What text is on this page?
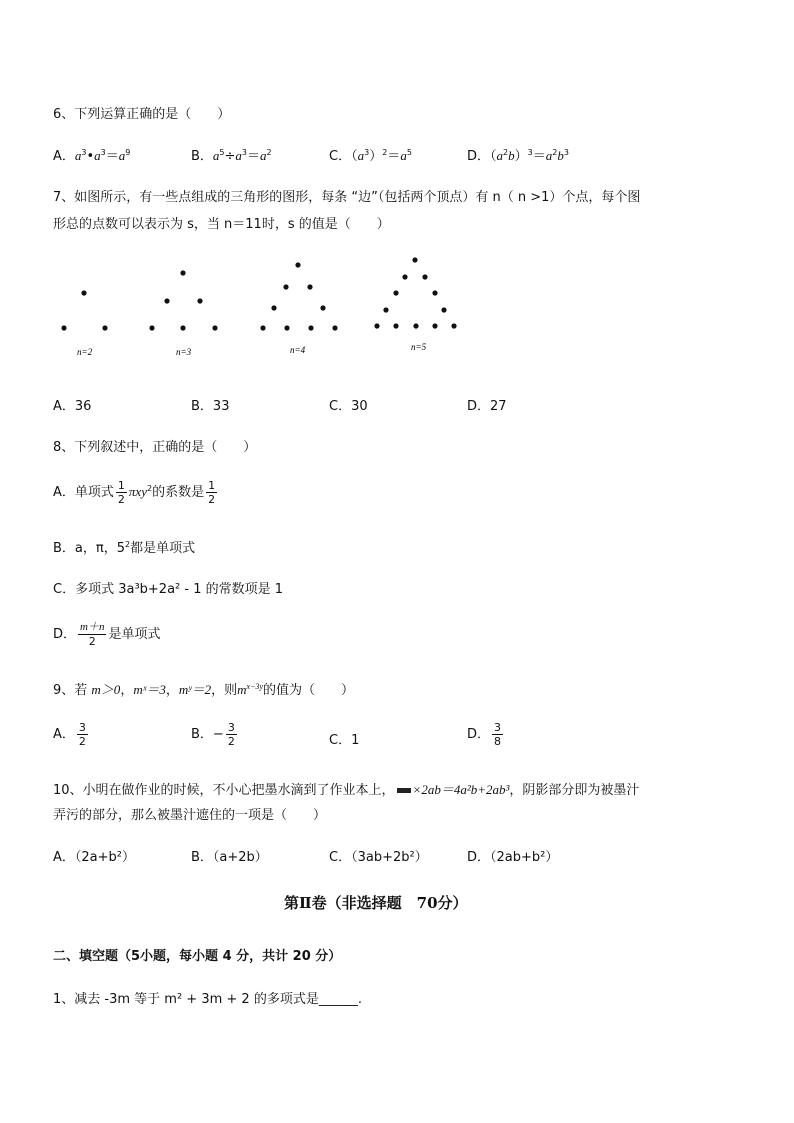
6、下列运算正确的是（　　）
A．$a^3•a^3=a^9$	B．$a^5\div a^3=a^2$	C．$(a^3)^2=a^5$	D．$(a^2b)^3=a^2b^3$
7、如图所示，有一些点组成的三角形的图形，每条 “边”（包括两个顶点）有 n（ n >1）个点，每个图
形总的点数可以表示为 s，当 n＝11时，s 的值是（　　）
n=2	n=3	n=4	n=5
A．36	B．33	C．30	D．27
8、下列叙述中，正确的是（　　）
A．单项式 $\frac{1}{2} \pi xy^2$的系数是 $\frac{1}{2}$
B．a，π，$5^2$都是单项式
C．多项式 3a³b+2a² - 1 的常数项是 1
D． $\frac{m+n}{2}$ 是单项式
9、若 m＞0，mˣ＝3，mʸ＝2，则$m^{x-3y}$的值为（　　）
A． $\frac{3}{2}$	B．− $\frac{3}{2}$	C．1	D． $\frac{3}{8}$
10、小明在做作业的时候，不小心把墨水滴到了作业本上， ×2ab＝4a²b+2ab³，阴影部分即为被墨汁
弄污的部分，那么被墨汁遮住的一项是（　　）
A．（2a+b²）	B．（a+2b）	C．（3ab+2b²）	D．（2ab+b²）
第Ⅱ卷（非选择题　70分）
二、填空题（5小题，每小题 4 分，共计 20 分）
1、减去 -3m 等于 m² + 3m + 2 的多项式是______.
